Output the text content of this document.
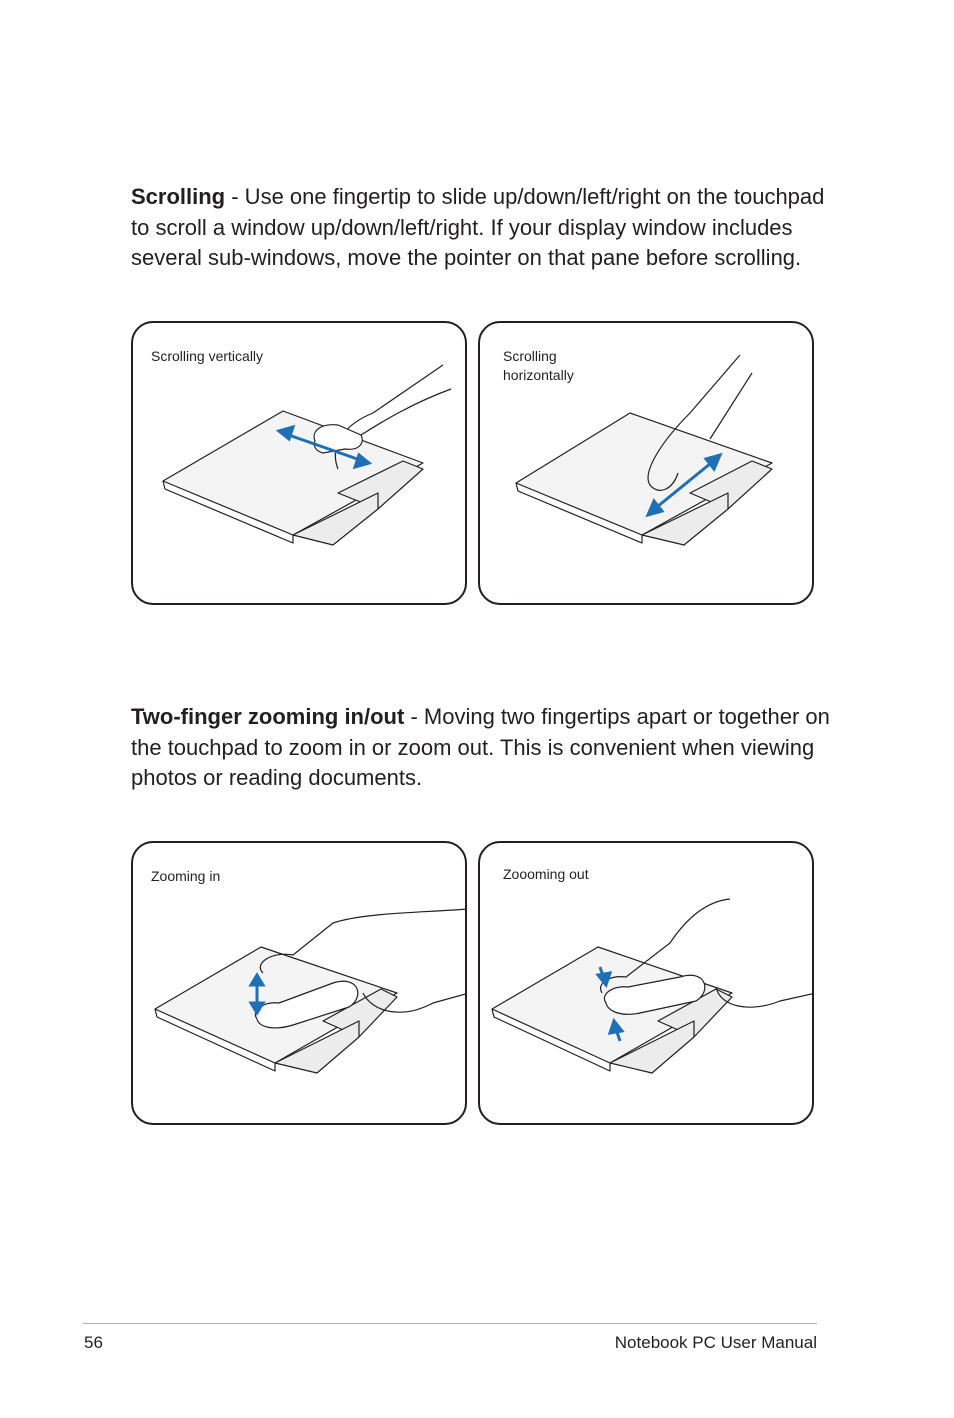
Scrolling - Use one fingertip to slide up/down/left/right on the touchpad to scroll a window up/down/left/right. If your display window includes several sub-windows, move the pointer on that pane before scrolling.

Scrolling vertically	Scrolling horizontally

Two-finger zooming in/out - Moving two fingertips apart or together on the touchpad to zoom in or zoom out. This is convenient when viewing photos or reading documents.

Zooming in	Zoooming out
56	Notebook PC User Manual
